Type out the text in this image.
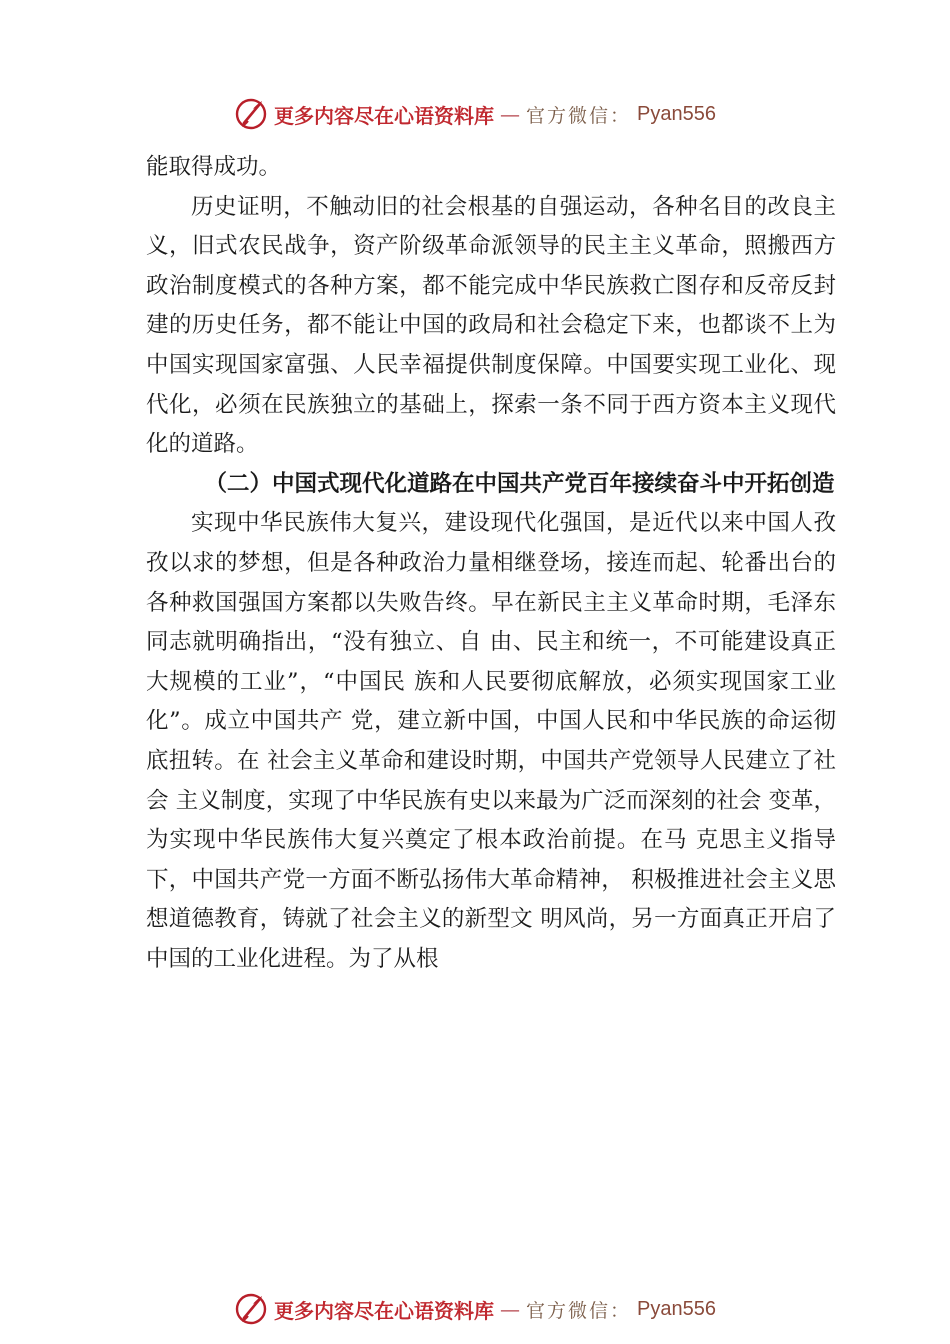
更多内容尽在心语资料库 — 官方微信： Pyan556

能取得成功。

历史证明，不触动旧的社会根基的自强运动，各种名目的改良主义，旧式农民战争，资产阶级革命派领导的民主主义革命，照搬西方政治制度模式的各种方案，都不能完成中华民族救亡图存和反帝反封建的历史任务，都不能让中国的政局和社会稳定下来，也都谈不上为中国实现国家富强、人民幸福提供制度保障。中国要实现工业化、现代化，必须在民族独立的基础上，探索一条不同于西方资本主义现代化的道路。

（二）中国式现代化道路在中国共产党百年接续奋斗中开拓创造

实现中华民族伟大复兴，建设现代化强国，是近代以来中国人孜孜以求的梦想，但是各种政治力量相继登场，接连而起、轮番出台的各种救国强国方案都以失败告终。早在新民主主义革命时期，毛泽东同志就明确指出，“没有独立、自 由、民主和统一，不可能建设真正大规模的工业”，“中国民 族和人民要彻底解放，必须实现国家工业化”。成立中国共产 党，建立新中国，中国人民和中华民族的命运彻底扭转。在 社会主义革命和建设时期，中国共产党领导人民建立了社会 主义制度，实现了中华民族有史以来最为广泛而深刻的社会 变革，为实现中华民族伟大复兴奠定了根本政治前提。在马 克思主义指导下，中国共产党一方面不断弘扬伟大革命精神， 积极推进社会主义思想道德教育，铸就了社会主义的新型文 明风尚，另一方面真正开启了中国的工业化进程。为了从根

更多内容尽在心语资料库 — 官方微信： Pyan556
